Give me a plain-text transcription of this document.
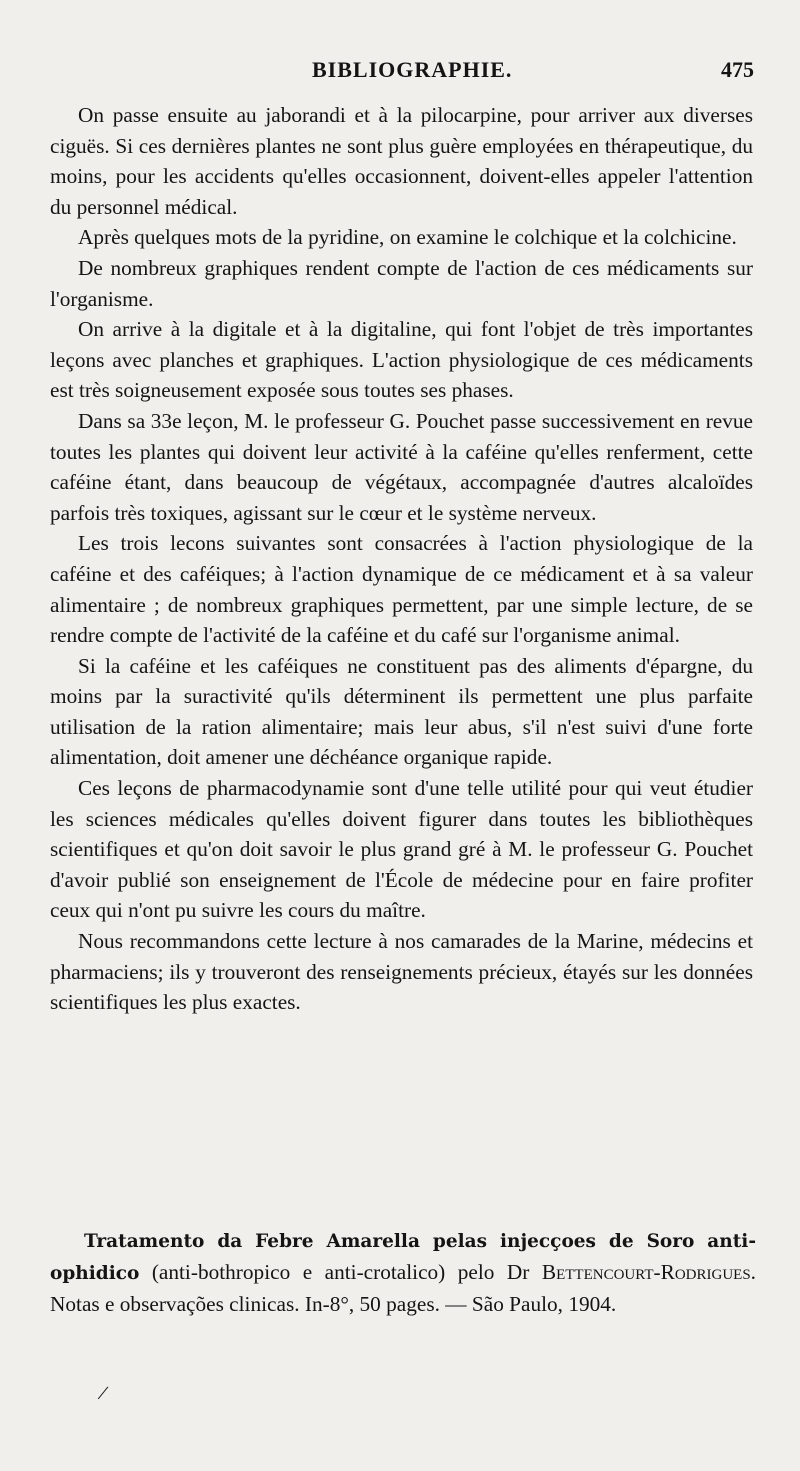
BIBLIOGRAPHIE.	475

On passe ensuite au jaborandi et à la pilocarpine, pour arriver aux diverses ciguës. Si ces dernières plantes ne sont plus guère employées en thérapeutique, du moins, pour les accidents qu'elles occasionnent, doivent-elles appeler l'attention du personnel médical.

Après quelques mots de la pyridine, on examine le colchique et la colchicine.

De nombreux graphiques rendent compte de l'action de ces médicaments sur l'organisme.

On arrive à la digitale et à la digitaline, qui font l'objet de très importantes leçons avec planches et graphiques. L'action physiologique de ces médicaments est très soigneusement exposée sous toutes ses phases.

Dans sa 33e leçon, M. le professeur G. Pouchet passe successivement en revue toutes les plantes qui doivent leur activité à la caféine qu'elles renferment, cette caféine étant, dans beaucoup de végétaux, accompagnée d'autres alcaloïdes parfois très toxiques, agissant sur le cœur et le système nerveux.

Les trois lecons suivantes sont consacrées à l'action physiologique de la caféine et des caféiques; à l'action dynamique de ce médicament et à sa valeur alimentaire ; de nombreux graphiques permettent, par une simple lecture, de se rendre compte de l'activité de la caféine et du café sur l'organisme animal.

Si la caféine et les caféiques ne constituent pas des aliments d'épargne, du moins par la suractivité qu'ils déterminent ils permettent une plus parfaite utilisation de la ration alimentaire; mais leur abus, s'il n'est suivi d'une forte alimentation, doit amener une déchéance organique rapide.

Ces leçons de pharmacodynamie sont d'une telle utilité pour qui veut étudier les sciences médicales qu'elles doivent figurer dans toutes les bibliothèques scientifiques et qu'on doit savoir le plus grand gré à M. le professeur G. Pouchet d'avoir publié son enseignement de l'École de médecine pour en faire profiter ceux qui n'ont pu suivre les cours du maître.

Nous recommandons cette lecture à nos camarades de la Marine, médecins et pharmaciens; ils y trouveront des renseignements précieux, étayés sur les données scientifiques les plus exactes.

Tratamento da Febre Amarella pelas injecçoes de Soro anti-ophidico (anti-bothropico e anti-crotalico) pelo Dr Bettencourt-Rodrigues. Notas e observações clinicas. In-8°, 50 pages. — São Paulo, 1904.
/
